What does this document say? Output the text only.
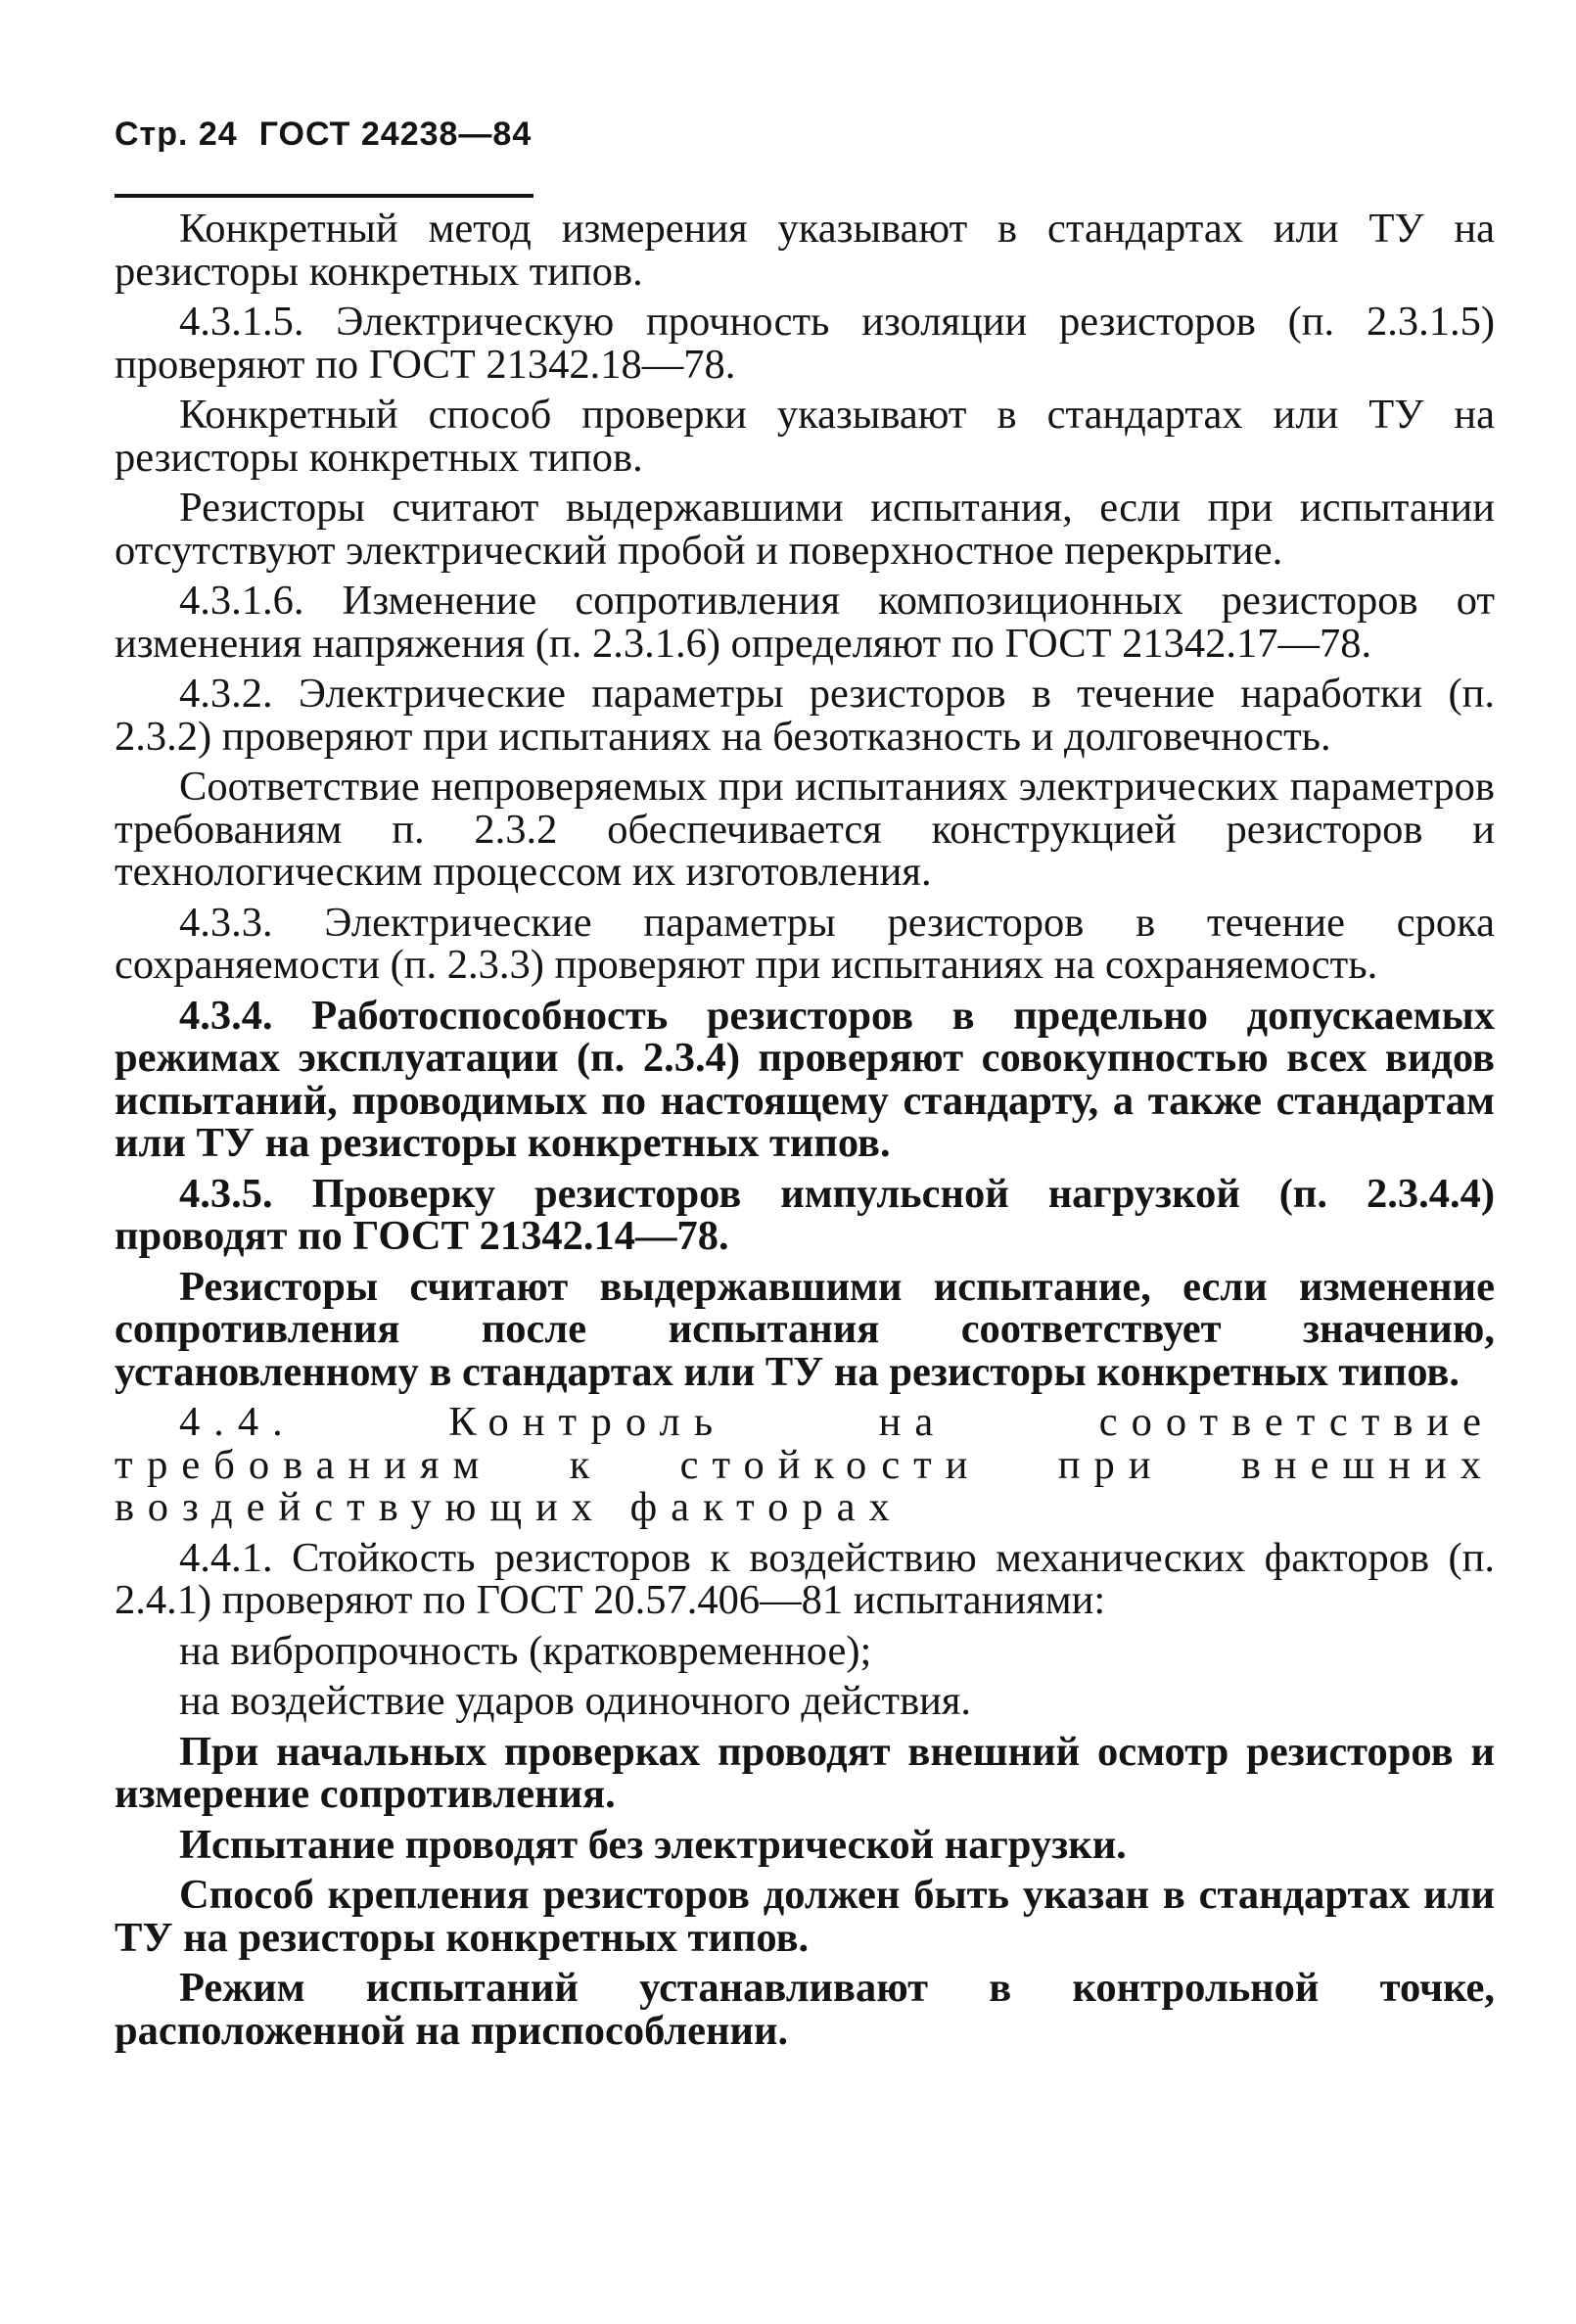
Стр. 24 ГОСТ 24238—84

Конкретный метод измерения указывают в стандартах или ТУ на резисторы конкретных типов.

4.3.1.5. Электрическую прочность изоляции резисторов (п. 2.3.1.5) проверяют по ГОСТ 21342.18—78.

Конкретный способ проверки указывают в стандартах или ТУ на резисторы конкретных типов.

Резисторы считают выдержавшими испытания, если при испытании отсутствуют электрический пробой и поверхностное перекрытие.

4.3.1.6. Изменение сопротивления композиционных резисторов от изменения напряжения (п. 2.3.1.6) определяют по ГОСТ 21342.17—78.

4.3.2. Электрические параметры резисторов в течение наработки (п. 2.3.2) проверяют при испытаниях на безотказность и долговечность.

Соответствие непроверяемых при испытаниях электрических параметров требованиям п. 2.3.2 обеспечивается конструкцией резисторов и технологическим процессом их изготовления.

4.3.3. Электрические параметры резисторов в течение срока сохраняемости (п. 2.3.3) проверяют при испытаниях на сохраняемость.

4.3.4. Работоспособность резисторов в предельно допускаемых режимах эксплуатации (п. 2.3.4) проверяют совокупностью всех видов испытаний, проводимых по настоящему стандарту, а также стандартам или ТУ на резисторы конкретных типов.

4.3.5. Проверку резисторов импульсной нагрузкой (п. 2.3.4.4) проводят по ГОСТ 21342.14—78.

Резисторы считают выдержавшими испытание, если изменение сопротивления после испытания соответствует значению, установленному в стандартах или ТУ на резисторы конкретных типов.

4.4. Контроль на соответствие требованиям к стойкости при внешних воздействующих факторах

4.4.1. Стойкость резисторов к воздействию механических факторов (п. 2.4.1) проверяют по ГОСТ 20.57.406—81 испытаниями:

на вибропрочность (кратковременное);

на воздействие ударов одиночного действия.

При начальных проверках проводят внешний осмотр резисторов и измерение сопротивления.

Испытание проводят без электрической нагрузки.

Способ крепления резисторов должен быть указан в стандартах или ТУ на резисторы конкретных типов.

Режим испытаний устанавливают в контрольной точке, расположенной на приспособлении.
